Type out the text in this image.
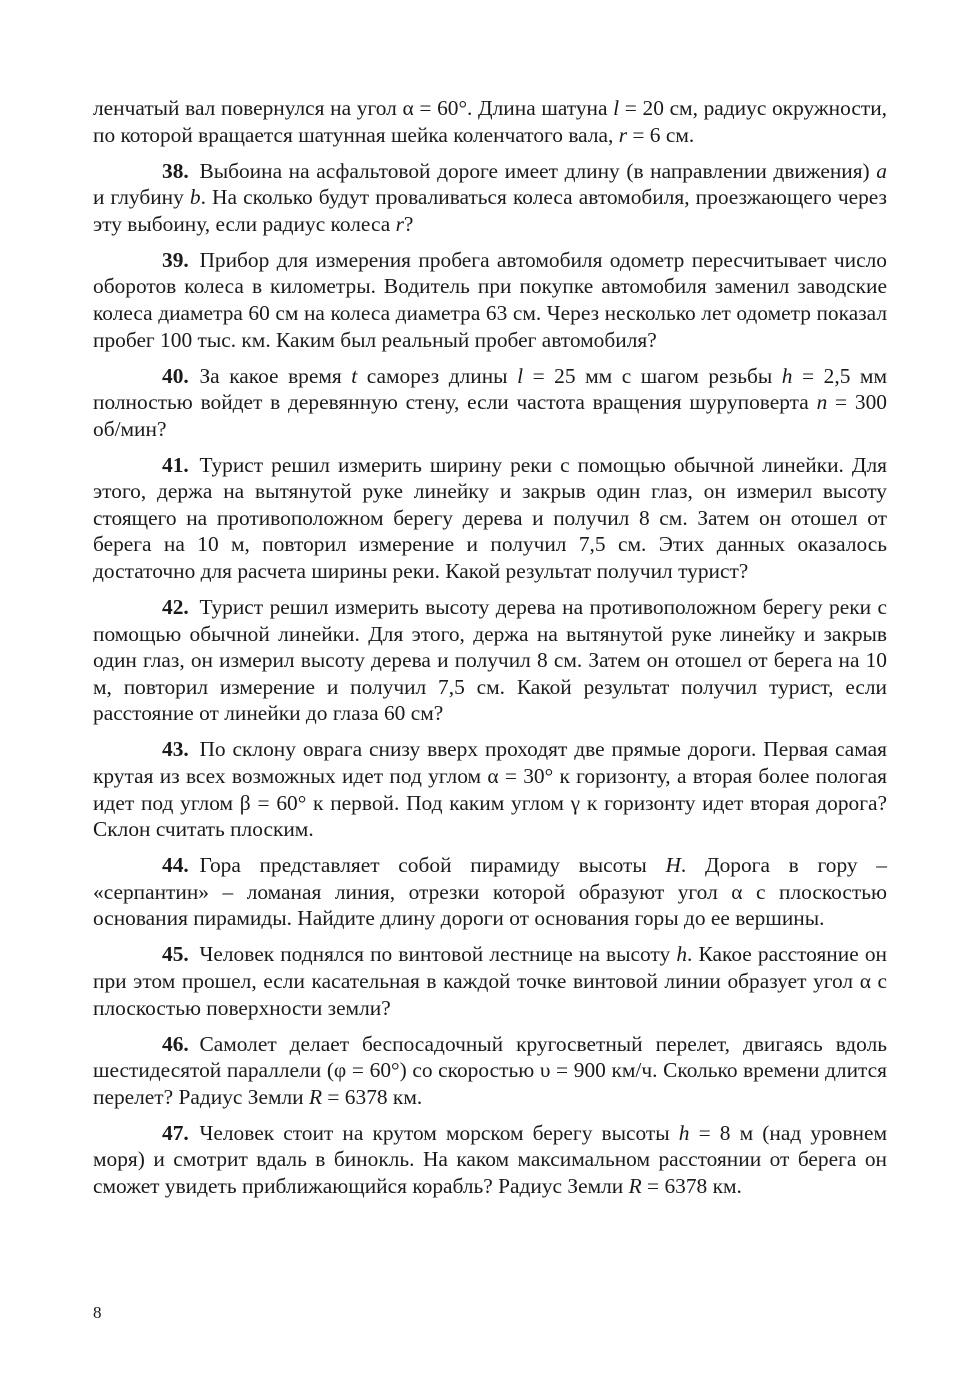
ленчатый вал повернулся на угол α = 60°. Длина шатуна l = 20 см, радиус окружности, по которой вращается шатунная шейка коленчатого вала, r = 6 см.

38.  Выбоина на асфальтовой дороге имеет длину (в направлении движения) a и глубину b. На сколько будут проваливаться колеса автомобиля, проезжающего через эту выбоину, если радиус колеса r?

39.  Прибор для измерения пробега автомобиля одометр пересчитывает число оборотов колеса в километры. Водитель при покупке автомобиля заменил заводские колеса диаметра 60 см на колеса диаметра 63 см. Через несколько лет одометр показал пробег 100 тыс. км. Каким был реальный пробег автомобиля?

40.  За какое время t саморез длины l = 25 мм с шагом резьбы h = 2,5 мм полностью войдет в деревянную стену, если частота вращения шуруповерта n = 300 об/мин?

41.  Турист решил измерить ширину реки с помощью обычной линейки. Для этого, держа на вытянутой руке линейку и закрыв один глаз, он измерил высоту стоящего на противоположном берегу дерева и получил 8 см. Затем он отошел от берега на 10 м, повторил измерение и получил 7,5 см. Этих данных оказалось достаточно для расчета ширины реки. Какой результат получил турист?

42.  Турист решил измерить высоту дерева на противоположном берегу реки с помощью обычной линейки. Для этого, держа на вытянутой руке линейку и закрыв один глаз, он измерил высоту дерева и получил 8 см. Затем он отошел от берега на 10 м, повторил измерение и получил 7,5 см. Какой результат получил турист, если расстояние от линейки до глаза 60 см?

43.  По склону оврага снизу вверх проходят две прямые дороги. Первая самая крутая из всех возможных идет под углом α = 30° к горизонту, а вторая более пологая идет под углом β = 60° к первой. Под каким углом γ к горизонту идет вторая дорога? Склон считать плоским.

44.  Гора представляет собой пирамиду высоты H. Дорога в гору – «серпантин» – ломаная линия, отрезки которой образуют угол α с плоскостью основания пирамиды. Найдите длину дороги от основания горы до ее вершины.

45.  Человек поднялся по винтовой лестнице на высоту h. Какое расстояние он при этом прошел, если касательная в каждой точке винтовой линии образует угол α с плоскостью поверхности земли?

46.  Самолет делает беспосадочный кругосветный перелет, двигаясь вдоль шестидесятой параллели (φ = 60°) со скоростью υ = 900 км/ч. Сколько времени длится перелет? Радиус Земли R = 6378 км.

47.  Человек стоит на крутом морском берегу высоты h = 8 м (над уровнем моря) и смотрит вдаль в бинокль. На каком максимальном расстоянии от берега он сможет увидеть приближающийся корабль? Радиус Земли R = 6378 км.

8
